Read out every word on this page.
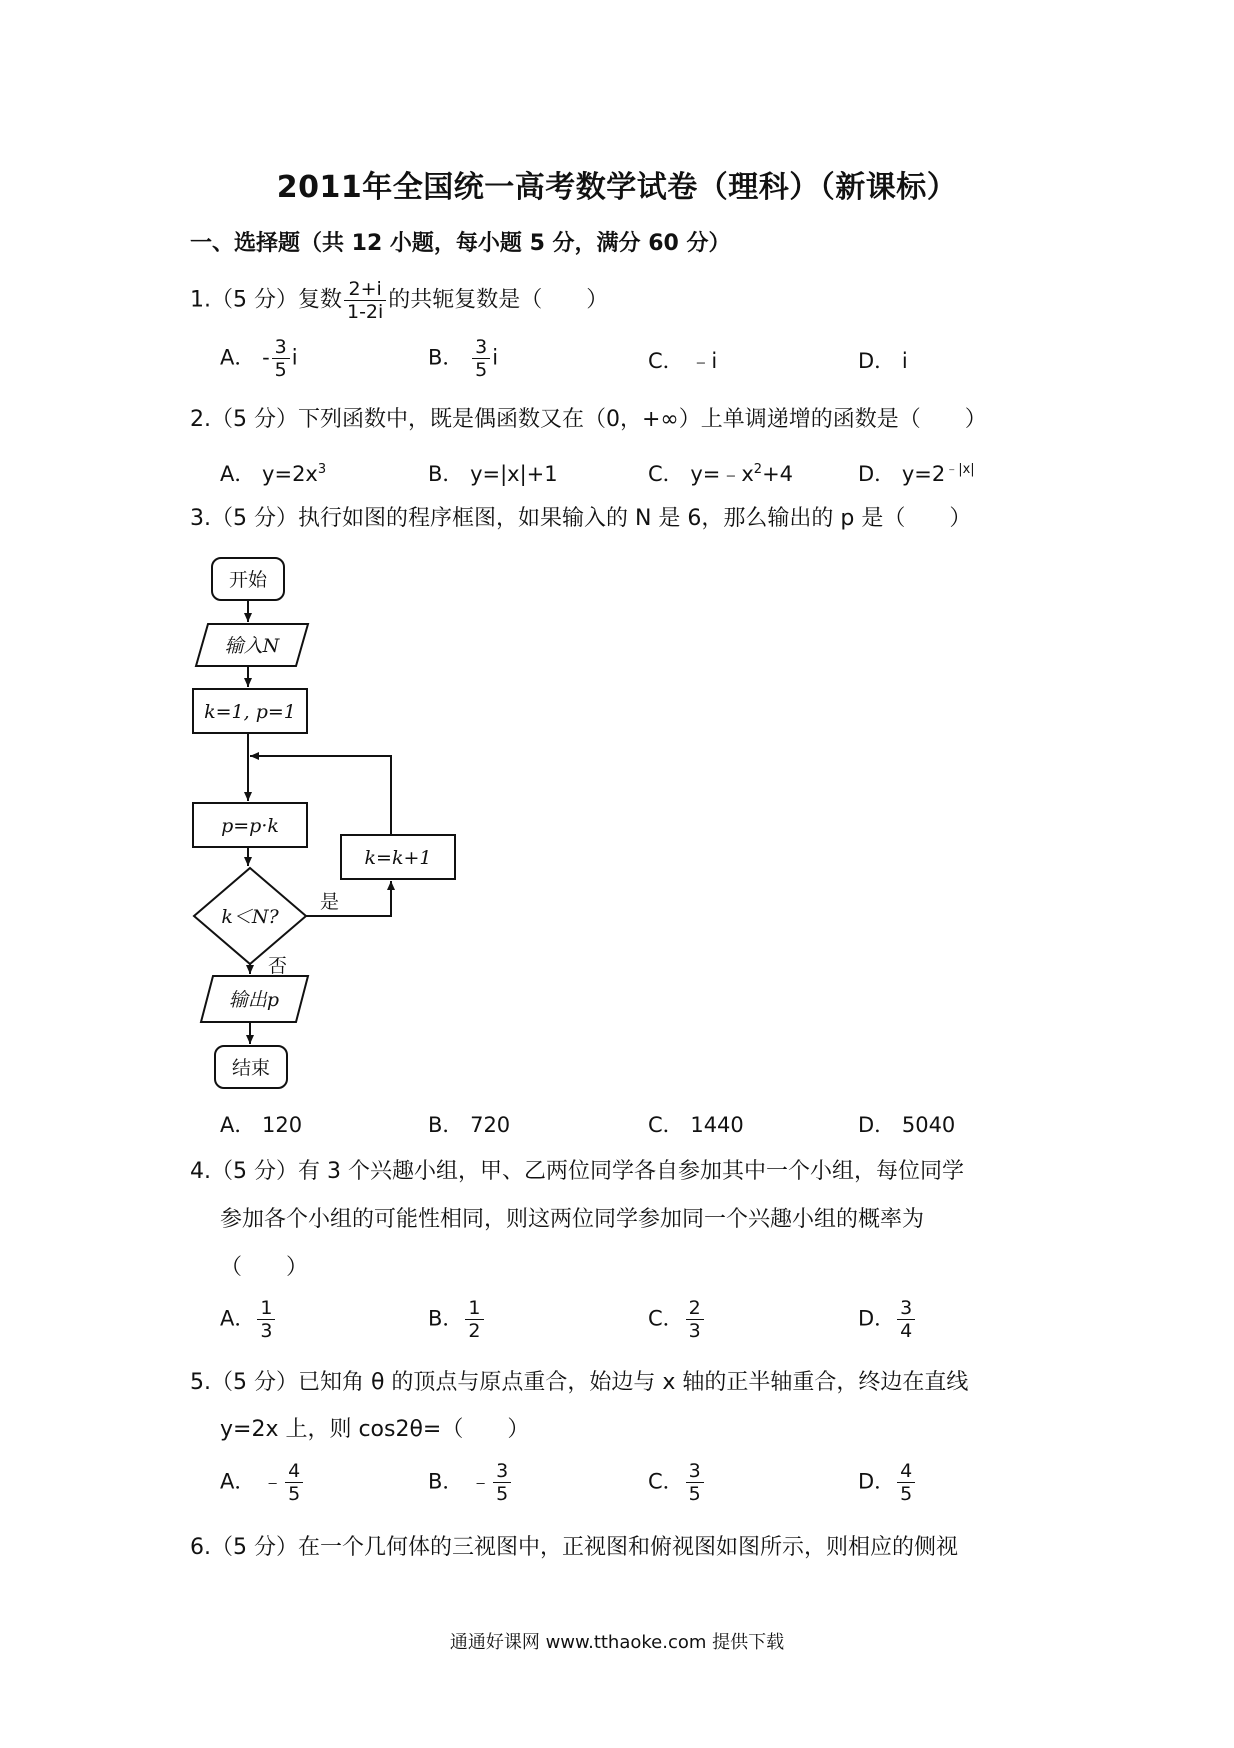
2011年全国统一高考数学试卷（理科）（新课标）
一、选择题（共 12 小题，每小题 5 分，满分 60 分）
1.（5 分）复数 $\frac{2+i}{1-2i}$ 的共轭复数是（　　）
A． - $\frac{3}{5}$ i	B． $\frac{3}{5}$ i	C． ﹣i	D． i
2.（5 分）下列函数中，既是偶函数又在（0，+∞）上单调递增的函数是（　　）
A． $y=2x^3$	B． y=|x|+1	C． $y=﹣x^2+4$	D． $y=2^{﹣|x|}$
3.（5 分）执行如图的程序框图，如果输入的 N 是 6，那么输出的 p 是（　　）
开始
输入N
k=1, p=1
p=p·k
k=k+1
k＜N?
是
否
输出p
结束
A． 120	B． 720	C． 1440	D． 5040
4.（5 分）有 3 个兴趣小组，甲、乙两位同学各自参加其中一个小组，每位同学
参加各个小组的可能性相同，则这两位同学参加同一个兴趣小组的概率为
（　　）
A． $\frac{1}{3}$	B． $\frac{1}{2}$	C． $\frac{2}{3}$	D． $\frac{3}{4}$
5.（5 分）已知角 θ 的顶点与原点重合，始边与 x 轴的正半轴重合，终边在直线
y=2x 上，则 cos2θ=（　　）
A． ﹣ $\frac{4}{5}$	B． ﹣ $\frac{3}{5}$	C． $\frac{3}{5}$	D． $\frac{4}{5}$
6.（5 分）在一个几何体的三视图中，正视图和俯视图如图所示，则相应的侧视
通通好课网 www.tthaoke.com 提供下载
